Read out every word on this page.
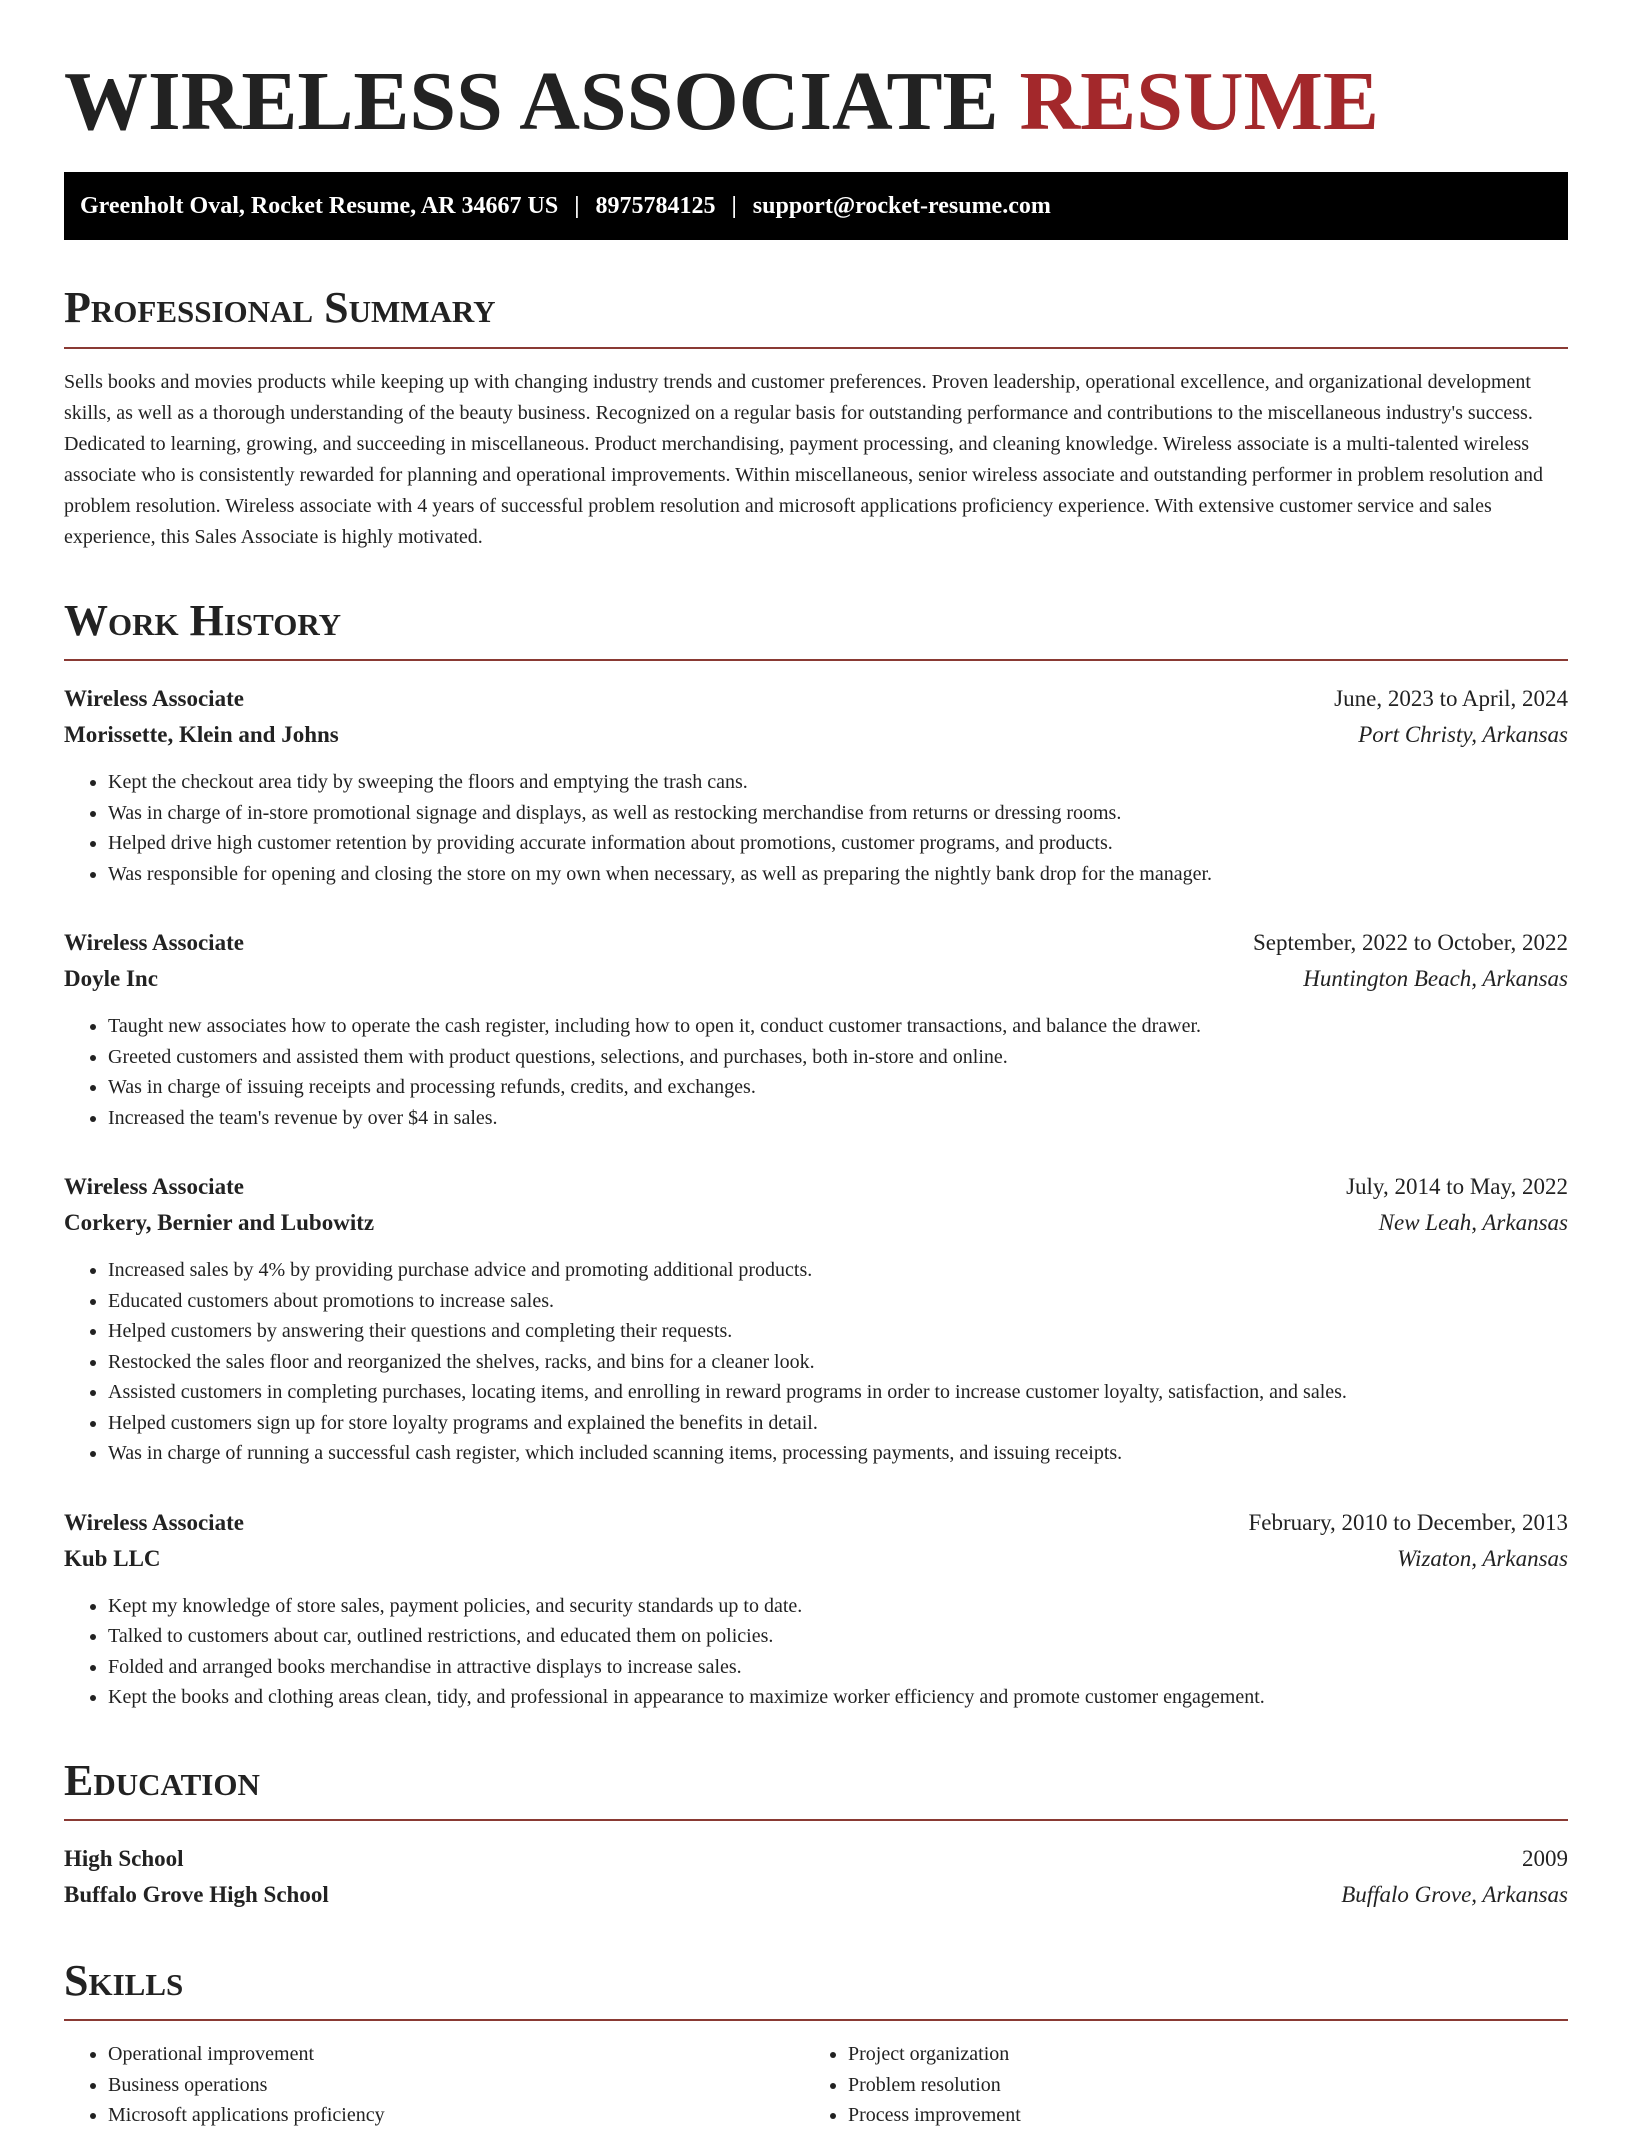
WIRELESS ASSOCIATE RESUME
Greenholt Oval, Rocket Resume, AR 34667 US | 8975784125 | support@rocket-resume.com
Professional Summary

Sells books and movies products while keeping up with changing industry trends and customer preferences. Proven leadership, operational excellence, and organizational development skills, as well as a thorough understanding of the beauty business. Recognized on a regular basis for outstanding performance and contributions to the miscellaneous industry's success. Dedicated to learning, growing, and succeeding in miscellaneous. Product merchandising, payment processing, and cleaning knowledge. Wireless associate is a multi-talented wireless associate who is consistently rewarded for planning and operational improvements. Within miscellaneous, senior wireless associate and outstanding performer in problem resolution and problem resolution. Wireless associate with 4 years of successful problem resolution and microsoft applications proficiency experience. With extensive customer service and sales experience, this Sales Associate is highly motivated.

Work History
Wireless Associate	June, 2023 to April, 2024
Morissette, Klein and Johns	Port Christy, Arkansas
• Kept the checkout area tidy by sweeping the floors and emptying the trash cans.
• Was in charge of in-store promotional signage and displays, as well as restocking merchandise from returns or dressing rooms.
• Helped drive high customer retention by providing accurate information about promotions, customer programs, and products.
• Was responsible for opening and closing the store on my own when necessary, as well as preparing the nightly bank drop for the manager.
Wireless Associate	September, 2022 to October, 2022
Doyle Inc	Huntington Beach, Arkansas
• Taught new associates how to operate the cash register, including how to open it, conduct customer transactions, and balance the drawer.
• Greeted customers and assisted them with product questions, selections, and purchases, both in-store and online.
• Was in charge of issuing receipts and processing refunds, credits, and exchanges.
• Increased the team's revenue by over $4 in sales.
Wireless Associate	July, 2014 to May, 2022
Corkery, Bernier and Lubowitz	New Leah, Arkansas
• Increased sales by 4% by providing purchase advice and promoting additional products.
• Educated customers about promotions to increase sales.
• Helped customers by answering their questions and completing their requests.
• Restocked the sales floor and reorganized the shelves, racks, and bins for a cleaner look.
• Assisted customers in completing purchases, locating items, and enrolling in reward programs in order to increase customer loyalty, satisfaction, and sales.
• Helped customers sign up for store loyalty programs and explained the benefits in detail.
• Was in charge of running a successful cash register, which included scanning items, processing payments, and issuing receipts.
Wireless Associate	February, 2010 to December, 2013
Kub LLC	Wizaton, Arkansas
• Kept my knowledge of store sales, payment policies, and security standards up to date.
• Talked to customers about car, outlined restrictions, and educated them on policies.
• Folded and arranged books merchandise in attractive displays to increase sales.
• Kept the books and clothing areas clean, tidy, and professional in appearance to maximize worker efficiency and promote customer engagement.
Education
High School	2009
Buffalo Grove High School	Buffalo Grove, Arkansas
Skills
• Operational improvement
• Business operations
• Microsoft applications proficiency
• Project organization
• Problem resolution
• Process improvement
